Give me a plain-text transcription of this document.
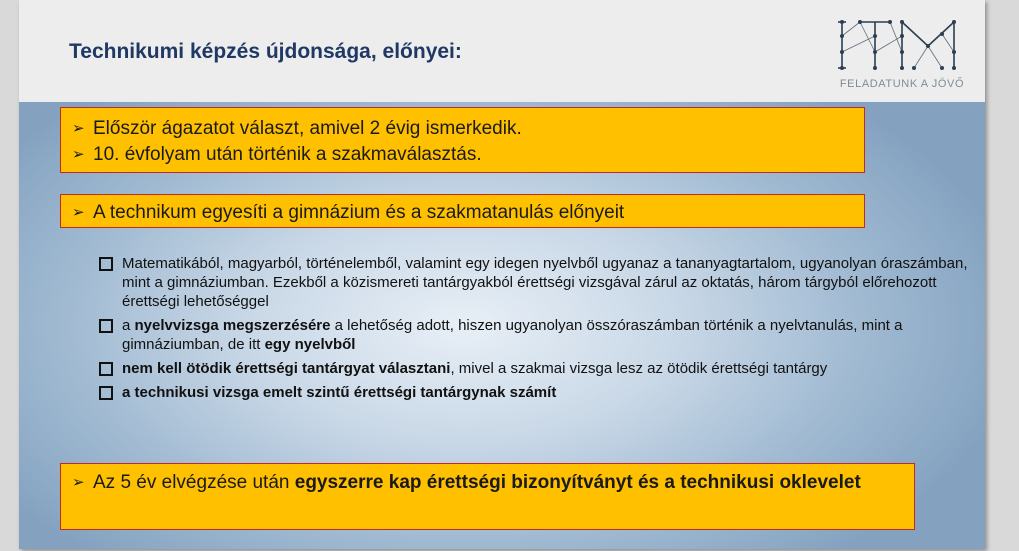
Technikumi képzés újdonsága, előnyei:
FELADATUNK A JÖVŐ
➢ Először ágazatot választ, amivel 2 évig ismerkedik.
➢ 10. évfolyam után történik a szakmaválasztás.
➢ A technikum egyesíti a gimnázium és a szakmatanulás előnyeit
Matematikából, magyarból, történelemből, valamint egy idegen nyelvből ugyanaz a tananyagtartalom, ugyanolyan óraszámban, mint a gimnáziumban. Ezekből a közismereti tantárgyakból érettségi vizsgával zárul az oktatás, három tárgyból előrehozott érettségi lehetőséggel
a nyelvvizsga megszerzésére a lehetőség adott, hiszen ugyanolyan összóraszámban történik a nyelvtanulás, mint a gimnáziumban, de itt egy nyelvből
nem kell ötödik érettségi tantárgyat választani, mivel a szakmai vizsga lesz az ötödik érettségi tantárgy
a technikusi vizsga emelt szintű érettségi tantárgynak számít
➢ Az 5 év elvégzése után egyszerre kap érettségi bizonyítványt és a technikusi oklevelet
